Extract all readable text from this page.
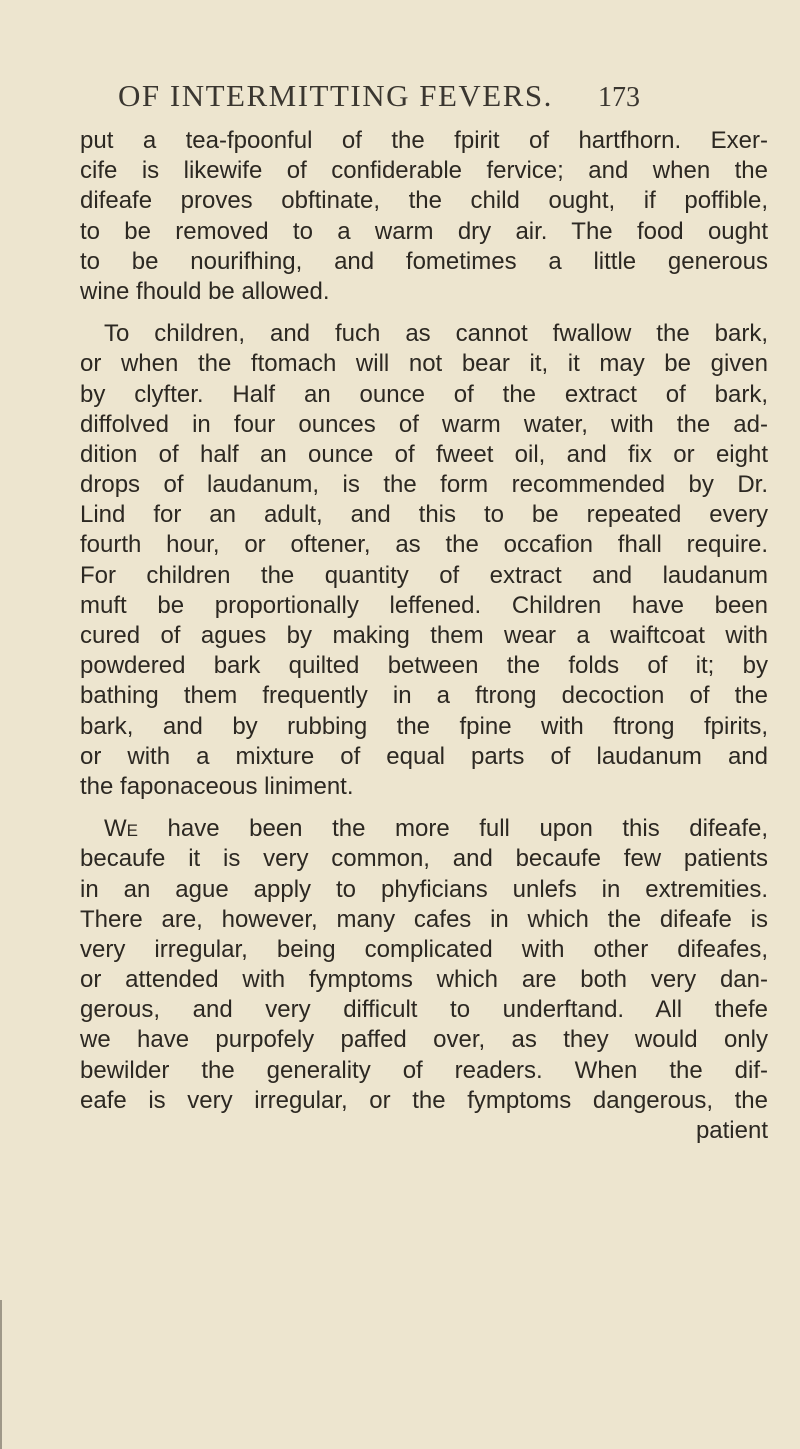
OF INTERMITTING FEVERS. 173
put a tea-fpoonful of the fpirit of hartfhorn. Exer-
cife is likewife of confiderable fervice; and when the
difeafe proves obftinate, the child ought, if poffible,
to be removed to a warm dry air. The food ought
to be nourifhing, and fometimes a little generous
wine fhould be allowed.
To children, and fuch as cannot fwallow the bark,
or when the ftomach will not bear it, it may be given
by clyfter. Half an ounce of the extract of bark,
diffolved in four ounces of warm water, with the ad-
dition of half an ounce of fweet oil, and fix or eight
drops of laudanum, is the form recommended by Dr.
Lind for an adult, and this to be repeated every
fourth hour, or oftener, as the occafion fhall require.
For children the quantity of extract and laudanum
muft be proportionally leffened. Children have been
cured of agues by making them wear a waiftcoat with
powdered bark quilted between the folds of it; by
bathing them frequently in a ftrong decoction of the
bark, and by rubbing the fpine with ftrong fpirits,
or with a mixture of equal parts of laudanum and
the faponaceous liniment.
WE have been the more full upon this difeafe,
becaufe it is very common, and becaufe few patients
in an ague apply to phyficians unlefs in extremities.
There are, however, many cafes in which the difeafe is
very irregular, being complicated with other difeafes,
or attended with fymptoms which are both very dan-
gerous, and very difficult to underftand. All thefe
we have purpofely paffed over, as they would only
bewilder the generality of readers. When the dif-
eafe is very irregular, or the fymptoms dangerous, the
patient
